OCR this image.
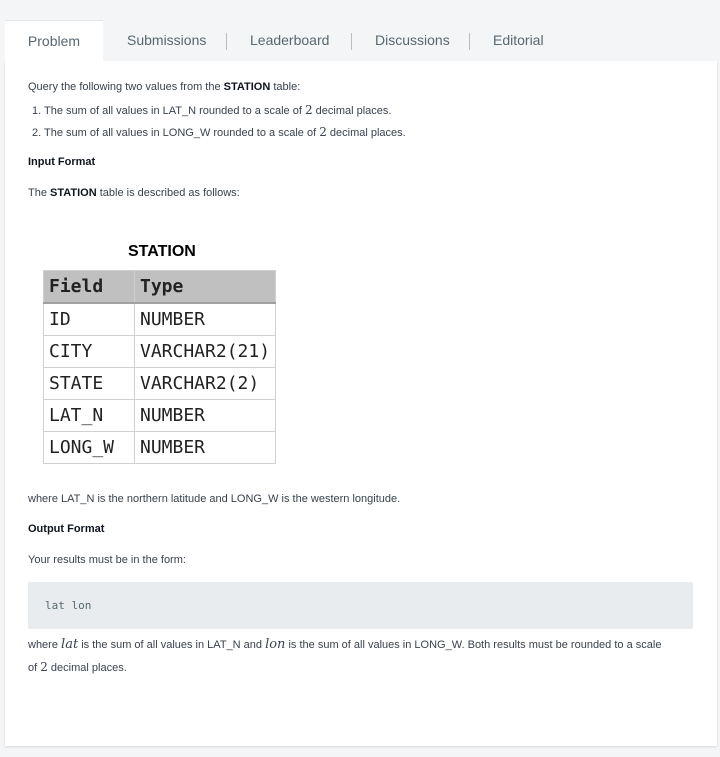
Problem	Submissions	Leaderboard	Discussions	Editorial
Query the following two values from the STATION table:
1. The sum of all values in LAT_N rounded to a scale of 2 decimal places.
2. The sum of all values in LONG_W rounded to a scale of 2 decimal places.
Input Format
The STATION table is described as follows:
STATION
Field	Type
ID	NUMBER
CITY	VARCHAR2(21)
STATE	VARCHAR2(2)
LAT_N	NUMBER
LONG_W	NUMBER
where LAT_N is the northern latitude and LONG_W is the western longitude.
Output Format
Your results must be in the form:
lat lon
where lat is the sum of all values in LAT_N and lon is the sum of all values in LONG_W. Both results must be rounded to a scale
of 2 decimal places.
